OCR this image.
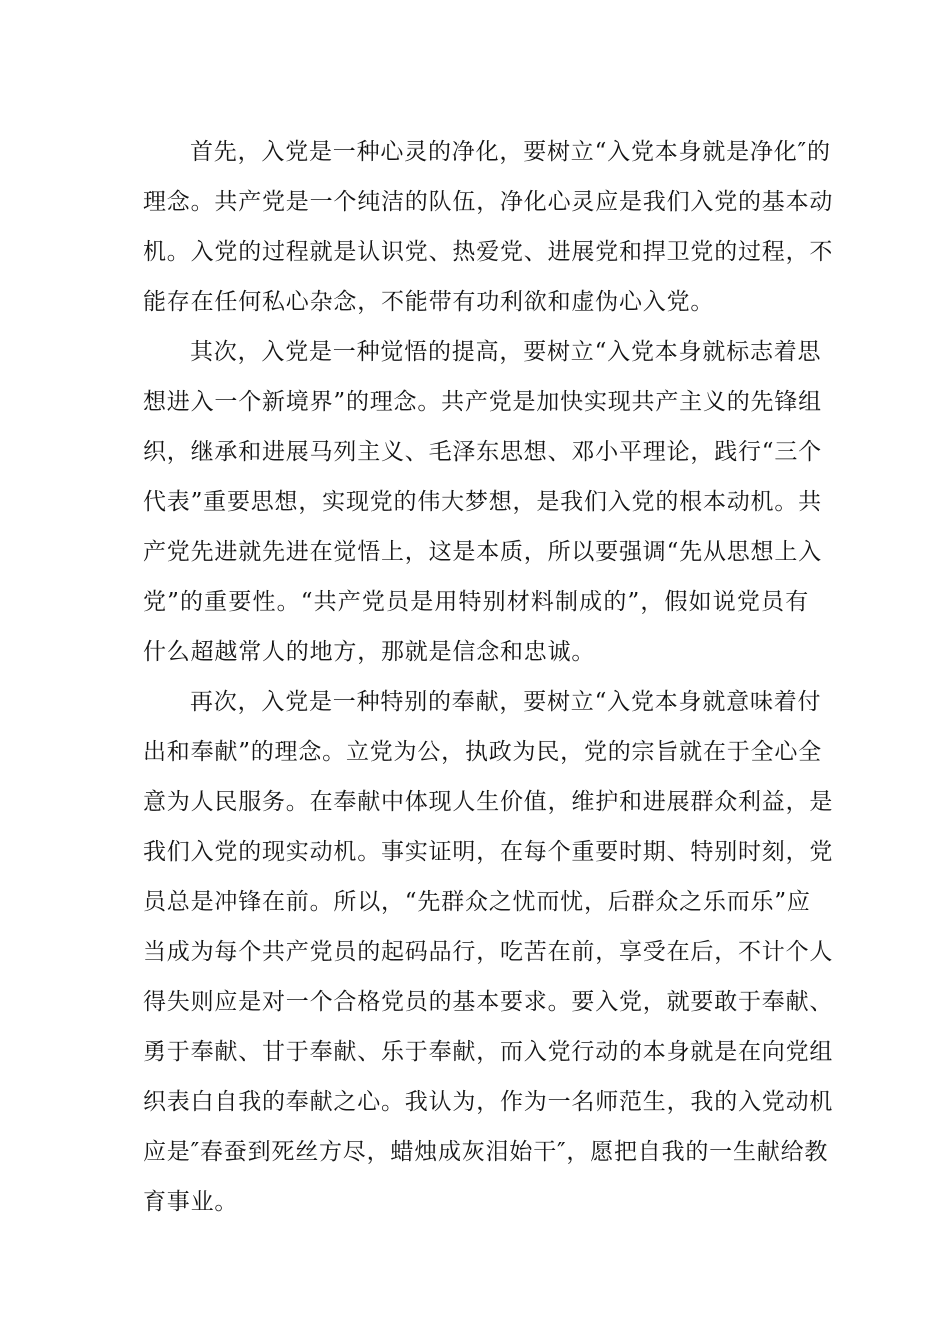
首先，入党是一种心灵的净化，要树立“入党本身就是净化″的
理念。共产党是一个纯洁的队伍，净化心灵应是我们入党的基本动
机。入党的过程就是认识党、热爱党、进展党和捍卫党的过程，不
能存在任何私心杂念，不能带有功利欲和虚伪心入党。
其次，入党是一种觉悟的提高，要树立“入党本身就标志着思
想进入一个新境界”的理念。共产党是加快实现共产主义的先锋组
织，继承和进展马列主义、毛泽东思想、邓小平理论，践行“三个
代表”重要思想，实现党的伟大梦想，是我们入党的根本动机。共
产党先进就先进在觉悟上，这是本质，所以要强调“先从思想上入
党”的重要性。“共产党员是用特别材料制成的”，假如说党员有
什么超越常人的地方，那就是信念和忠诚。
再次，入党是一种特别的奉献，要树立“入党本身就意味着付
出和奉献”的理念。立党为公，执政为民，党的宗旨就在于全心全
意为人民服务。在奉献中体现人生价值，维护和进展群众利益，是
我们入党的现实动机。事实证明，在每个重要时期、特别时刻，党
员总是冲锋在前。所以，“先群众之忧而忧，后群众之乐而乐”应
当成为每个共产党员的起码品行，吃苦在前，享受在后，不计个人
得失则应是对一个合格党员的基本要求。要入党，就要敢于奉献、
勇于奉献、甘于奉献、乐于奉献，而入党行动的本身就是在向党组
织表白自我的奉献之心。我认为，作为一名师范生，我的入党动机
应是″春蚕到死丝方尽，蜡烛成灰泪始干″，愿把自我的一生献给教
育事业。
